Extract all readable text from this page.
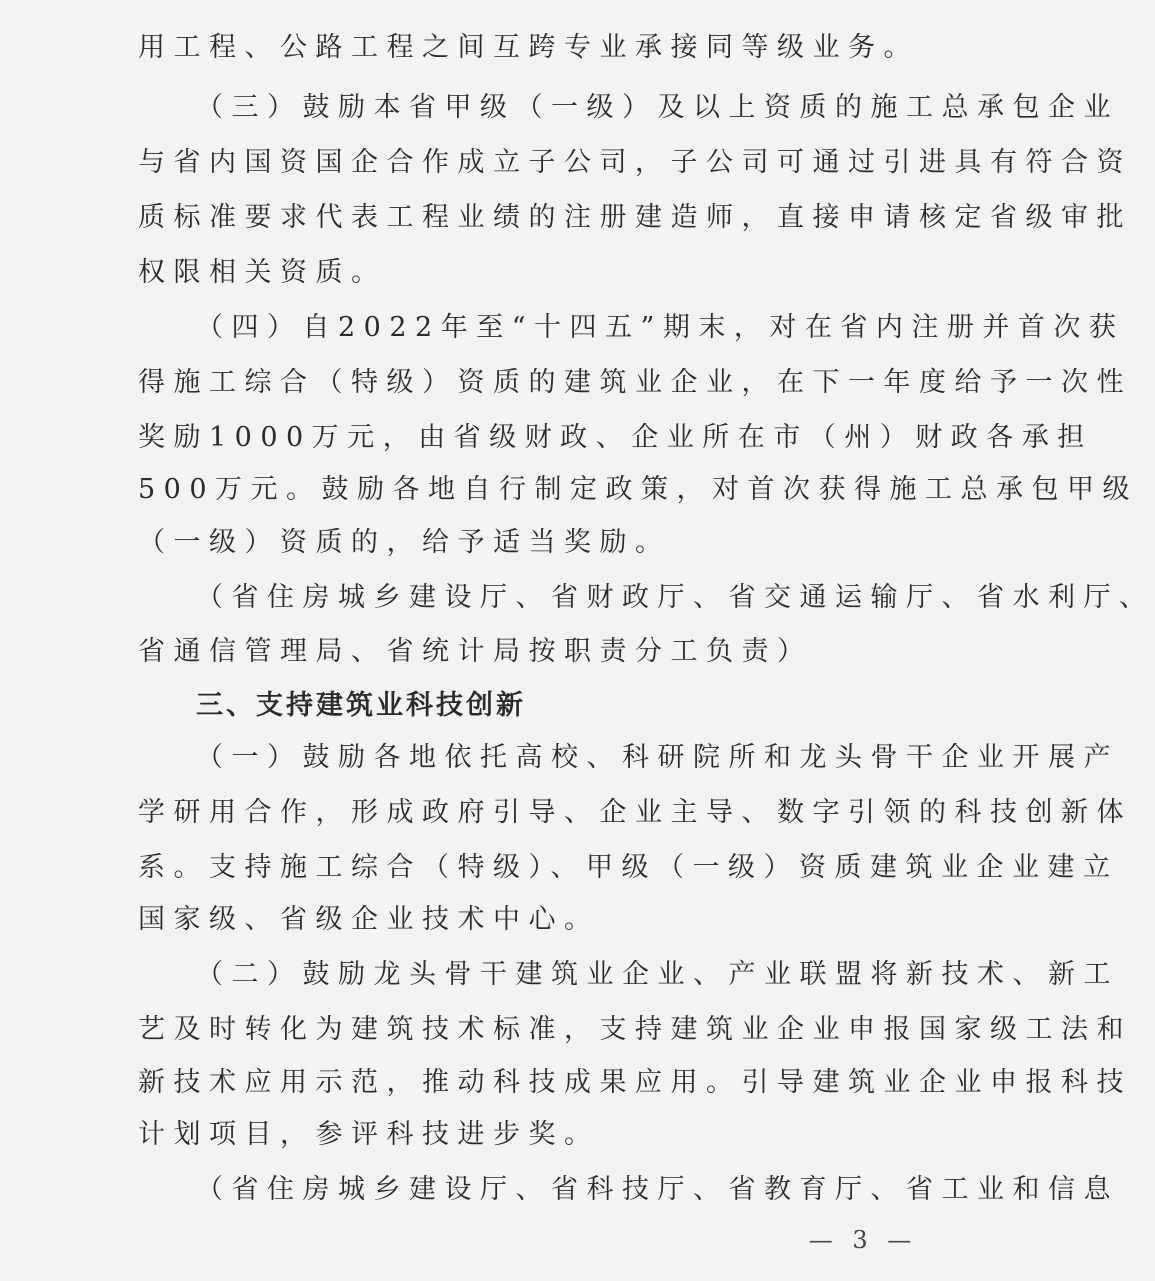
用工程、公路工程之间互跨专业承接同等级业务。
（三）鼓励本省甲级（一级）及以上资质的施工总承包企业
与省内国资国企合作成立子公司，子公司可通过引进具有符合资
质标准要求代表工程业绩的注册建造师，直接申请核定省级审批
权限相关资质。
（四）自2022年至“十四五”期末，对在省内注册并首次获
得施工综合（特级）资质的建筑业企业，在下一年度给予一次性
奖励1000万元，由省级财政、企业所在市（州）财政各承担
500万元。鼓励各地自行制定政策，对首次获得施工总承包甲级
（一级）资质的，给予适当奖励。
（省住房城乡建设厅、省财政厅、省交通运输厅、省水利厅、
省通信管理局、省统计局按职责分工负责）
三、支持建筑业科技创新
（一）鼓励各地依托高校、科研院所和龙头骨干企业开展产
学研用合作，形成政府引导、企业主导、数字引领的科技创新体
系。支持施工综合（特级）、甲级（一级）资质建筑业企业建立
国家级、省级企业技术中心。
（二）鼓励龙头骨干建筑业企业、产业联盟将新技术、新工
艺及时转化为建筑技术标准，支持建筑业企业申报国家级工法和
新技术应用示范，推动科技成果应用。引导建筑业企业申报科技
计划项目，参评科技进步奖。
（省住房城乡建设厅、省科技厅、省教育厅、省工业和信息
— 3 —
